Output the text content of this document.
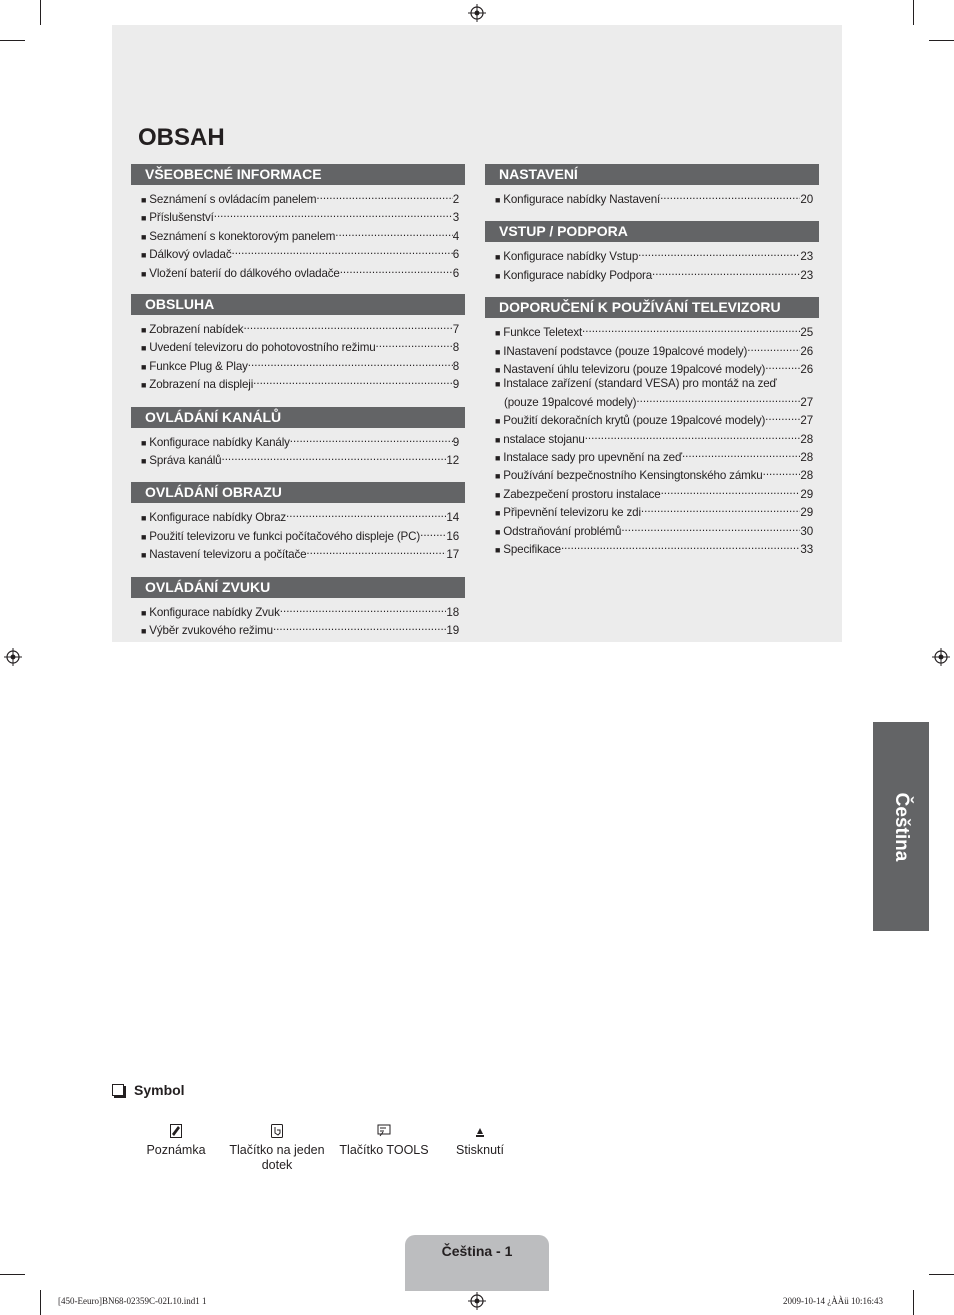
OBSAH
VŠEOBECNÉ INFORMACE
■ Seznámení s ovládacím panelem .....	2
■ Příslušenství .....	3
■ Seznámení s konektorovým panelem .....	4
■ Dálkový ovladač .....	6
■ Vložení baterií do dálkového ovladače .....	6
OBSLUHA
■ Zobrazení nabídek .....	7
■ Uvedení televizoru do pohotovostního režimu .....	8
■ Funkce Plug & Play .....	8
■ Zobrazení na displeji .....	9
OVLÁDÁNÍ KANÁLŮ
■ Konfigurace nabídky Kanály .....	9
■ Správa kanálů .....	12
OVLÁDÁNÍ OBRAZU
■ Konfigurace nabídky Obraz .....	14
■ Použití televizoru ve funkci počítačového displeje (PC) ..... 16
■ Nastavení televizoru a počítače .....	17
OVLÁDÁNÍ ZVUKU
■ Konfigurace nabídky Zvuk .....	18
■ Výběr zvukového režimu .....	19
NASTAVENÍ
■ Konfigurace nabídky Nastavení .....	20
VSTUP / PODPORA
■ Konfigurace nabídky Vstup .....	23
■ Konfigurace nabídky Podpora .....	23
DOPORUČENÍ K POUŽÍVÁNÍ TELEVIZORU
■ Funkce Teletext .....	25
■ INastavení podstavce (pouze 19palcové modely) .....	26
■ Nastavení úhlu televizoru (pouze 19palcové modely) .....	26
■ Instalace zařízení (standard VESA) pro montáž na zeď
(pouze 19palcové modely) .....	27
■ Použití dekoračních krytů (pouze 19palcové modely) .....	27
■ nstalace stojanu .....	28
■ Instalace sady pro upevnění na zeď .....	28
■ Používání bezpečnostního Kensingtonského zámku .....	28
■ Zabezpečení prostoru instalace .....	29
■ Připevnění televizoru ke zdi .....	29
■ Odstraňování problémů .....	30
■ Specifikace .....	33
Čeština
Symbol
Poznámka	Tlačítko na jeden dotek
Tlačítko TOOLS	Stisknutí
Čeština - 1
[450-Eeuro]BN68-02359C-02L10.ind1 1	2009-10-14 ¿ÀÀü 10:16:43
